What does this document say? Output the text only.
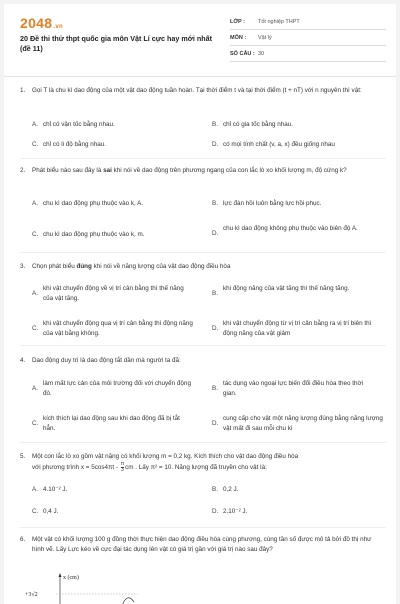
2048.vn
20 Đề thi thử thpt quốc gia môn Vật Lí cực hay mới nhất (đề 11)
LỚP : Tốt nghiệp THPT
MÔN : Vật lý
SỐ CÂU : 30
1. Gọi T là chu kì dao động của một vật dao động tuần hoàn. Tại thời điểm t và tại thời điểm (t + nT) với n nguyên thì vật:
A. chỉ có vận tốc bằng nhau.	B. chỉ có gia tốc bằng nhau.
C. chỉ có li độ bằng nhau.	D. có mọi tính chất (v, a, x) đều giống nhau
2. Phát biểu nào sau đây là sai khi nói về dao động trên phương ngang của con lắc lò xo khối lượng m, độ cứng k?
A. chu kì dao động phụ thuộc vào k, A.	B. lực đàn hồi luôn bằng lực hồi phục.
C. chu kì dao động phụ thuộc vào k, m.	D.
chu kì dao động không phụ thuộc vào biên độ A.
3. Chọn phát biểu đúng khi nói về năng lượng của vật dao động điều hòa
A.
khi vật chuyển động về vị trí cân bằng thì thế năng của vật tăng.
B.
khi động năng của vật tăng thì thế năng tăng.
C.
khi vật chuyển động qua vị trí cân bằng thì động năng của vật bằng không.
D.
khi vật chuyển động từ vị trí cân bằng ra vị trí biên thì động năng của vật giảm
4. Dao động duy trì là dao động tắt dần mà người ta đã:
A.
làm mất lực cản của môi trường đối với chuyển động đó.
B.
tác dụng vào ngoại lực biến đổi điều hòa theo thời gian.
C.
kích thích lại dao động sau khi dao động đã bị tắt hẳn.
D.
cung cấp cho vật một năng lượng đúng bằng năng lượng vật mất đi sau mỗi chu kì
5. Một con lắc lò xo gồm vật nặng có khối lượng m = 0,2 kg. Kích thích cho vật dao động điều hòa
với phương trình $x = 5\cos 4\pi t - \frac{\pi}{3}$ cm . Lấy π² = 10. Năng lượng đã truyền cho vật là:
A. 4.10⁻² J.	B. 0,2 J.
C. 0,4 J.	D. 2.10⁻² J.
6. Một vật có khối lượng 100 g đồng thời thực hiện dao động điều hòa cùng phương, cùng tần số được mô tả bởi đồ thị như hình vẽ. Lấy Lực kéo về cực đại tác dụng lên vật có giá trị gần với giá trị nào sau đây?
x (cm)
+3√2
